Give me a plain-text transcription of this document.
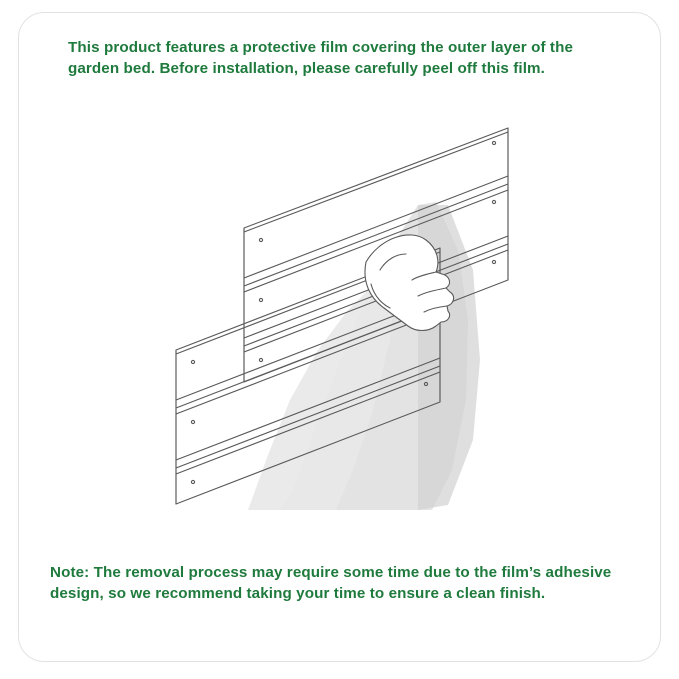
This product features a protective film covering the outer layer of the garden bed. Before installation, please carefully peel off this film.
Note: The removal process may require some time due to the film’s adhesive design, so we recommend taking your time to ensure a clean finish.
